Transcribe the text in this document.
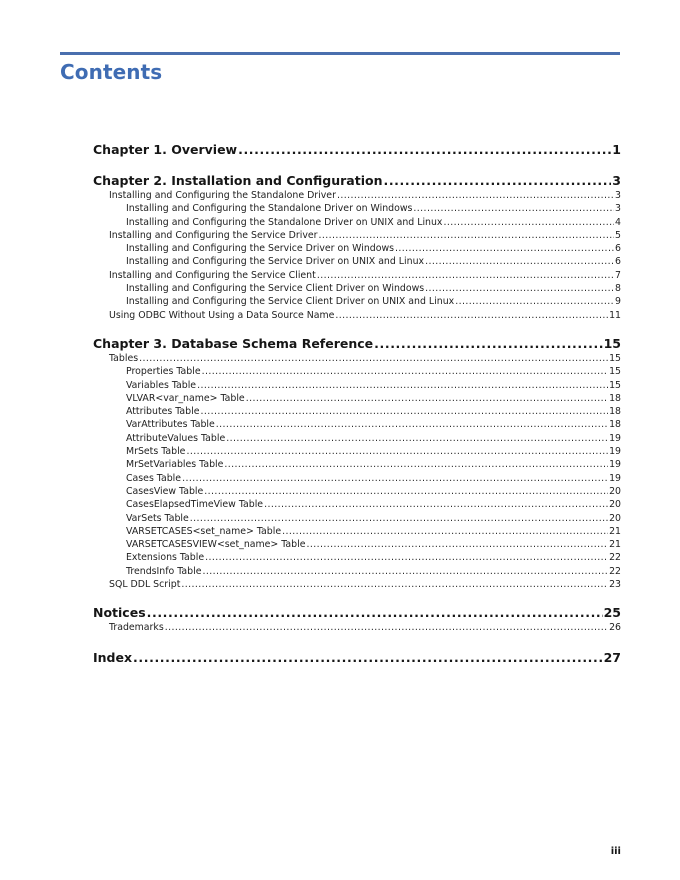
Contents
Chapter 1. Overview .....	1
Chapter 2. Installation and Configuration .....	3
Installing and Configuring the Standalone Driver .....	3
Installing and Configuring the Standalone Driver on Windows .....	3
Installing and Configuring the Standalone Driver on UNIX and Linux .....	4
Installing and Configuring the Service Driver .....	5
Installing and Configuring the Service Driver on Windows .....	6
Installing and Configuring the Service Driver on UNIX and Linux .....	6
Installing and Configuring the Service Client .....	7
Installing and Configuring the Service Client Driver on Windows .....	8
Installing and Configuring the Service Client Driver on UNIX and Linux .....	9
Using ODBC Without Using a Data Source Name .....	11
Chapter 3. Database Schema Reference .....	15
Tables .....	15
Properties Table .....	15
Variables Table .....	15
VLVAR<var_name> Table .....	18
Attributes Table .....	18
VarAttributes Table .....	18
AttributeValues Table .....	19
MrSets Table .....	19
MrSetVariables Table .....	19
Cases Table .....	19
CasesView Table .....	20
CasesElapsedTimeView Table .....	20
VarSets Table .....	20
VARSETCASES<set_name> Table .....	21
VARSETCASESVIEW<set_name> Table .....	21
Extensions Table .....	22
TrendsInfo Table .....	22
SQL DDL Script .....	23
Notices .....	25
Trademarks .....	26
Index .....	27
iii
